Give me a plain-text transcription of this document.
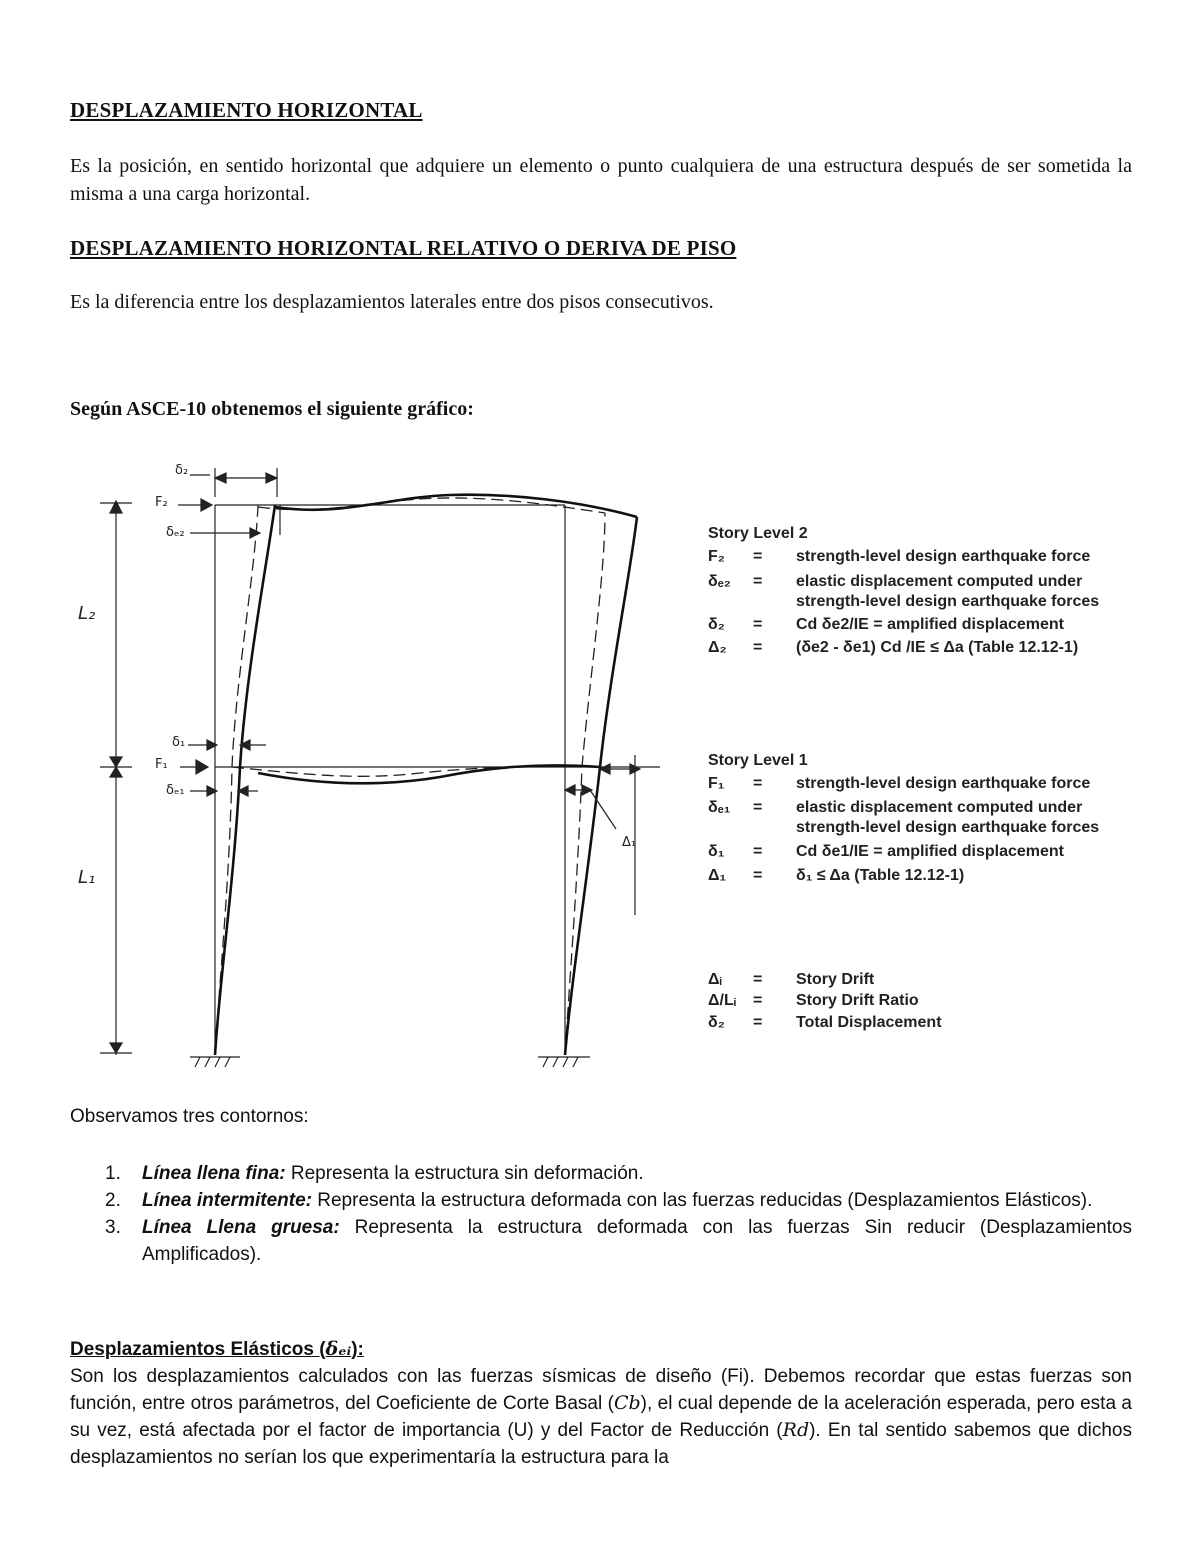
DESPLAZAMIENTO HORIZONTAL

Es la posición, en sentido horizontal que adquiere un elemento o punto cualquiera de una estructura después de ser sometida la misma a una carga horizontal.

DESPLAZAMIENTO HORIZONTAL RELATIVO O DERIVA DE PISO

Es la diferencia entre los desplazamientos laterales entre dos pisos consecutivos.

Según ASCE-10 obtenemos el siguiente gráfico:

δ₂
F₂
δₑ₂
L₂
δ₁
F₁
δₑ₁
L₁
Δ₁
Story Level 2
F₂ = strength-level design earthquake force
δₑ₂ = elastic displacement computed under
strength-level design earthquake forces
δ₂ = Cd δe2/IE = amplified displacement
Δ₂ = (δe2 - δe1) Cd /IE ≤ Δa (Table 12.12-1)
Story Level 1
F₁ = strength-level design earthquake force
δₑ₁ = elastic displacement computed under
strength-level design earthquake forces
δ₁ = Cd δe1/IE = amplified displacement
Δ₁ = δ₁ ≤ Δa (Table 12.12-1)
Δᵢ = Story Drift
Δ/Lᵢ = Story Drift Ratio
δ₂ = Total Displacement

Observamos tres contornos:

1. Línea llena fina: Representa la estructura sin deformación.
2. Línea intermitente: Representa la estructura deformada con las fuerzas reducidas (Desplazamientos Elásticos).
3. Línea Llena gruesa: Representa la estructura deformada con las fuerzas Sin reducir (Desplazamientos Amplificados).

Desplazamientos Elásticos (δₑᵢ):

Son los desplazamientos calculados con las fuerzas sísmicas de diseño (Fi). Debemos recordar que estas fuerzas son función, entre otros parámetros, del Coeficiente de Corte Basal (Cb), el cual depende de la aceleración esperada, pero esta a su vez, está afectada por el factor de importancia (U) y del Factor de Reducción (Rd). En tal sentido sabemos que dichos desplazamientos no serían los que experimentaría la estructura para la
